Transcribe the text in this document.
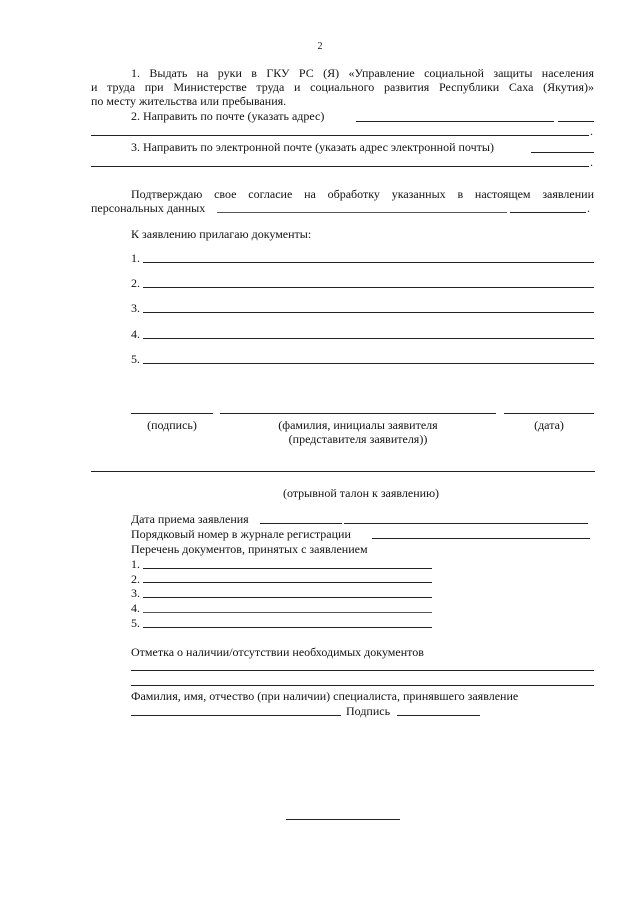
2

1. Выдать на руки в ГКУ РС (Я) «Управление социальной защиты населения

и труда при Министерстве труда и социального развития Республики Саха (Якутия)»

по месту жительства или пребывания.

2. Направить по почте (указать адрес)

.

3. Направить по электронной почте (указать адрес электронной почты)

.

Подтверждаю свое согласие на обработку указанных в настоящем заявлении

персональных данных	.

К заявлению прилагаю документы:

1.

2.

3.

4.

5.

(подпись)	(фамилия, инициалы заявителя

(представителя заявителя))

(дата)

(отрывной талон к заявлению)

Дата приема заявления

Порядковый номер в журнале регистрации

Перечень документов, принятых с заявлением

1.

2.

3.

4.

5.

Отметка о наличии/отсутствии необходимых документов

Фамилия, имя, отчество (при наличии) специалиста, принявшего заявление

Подпись
